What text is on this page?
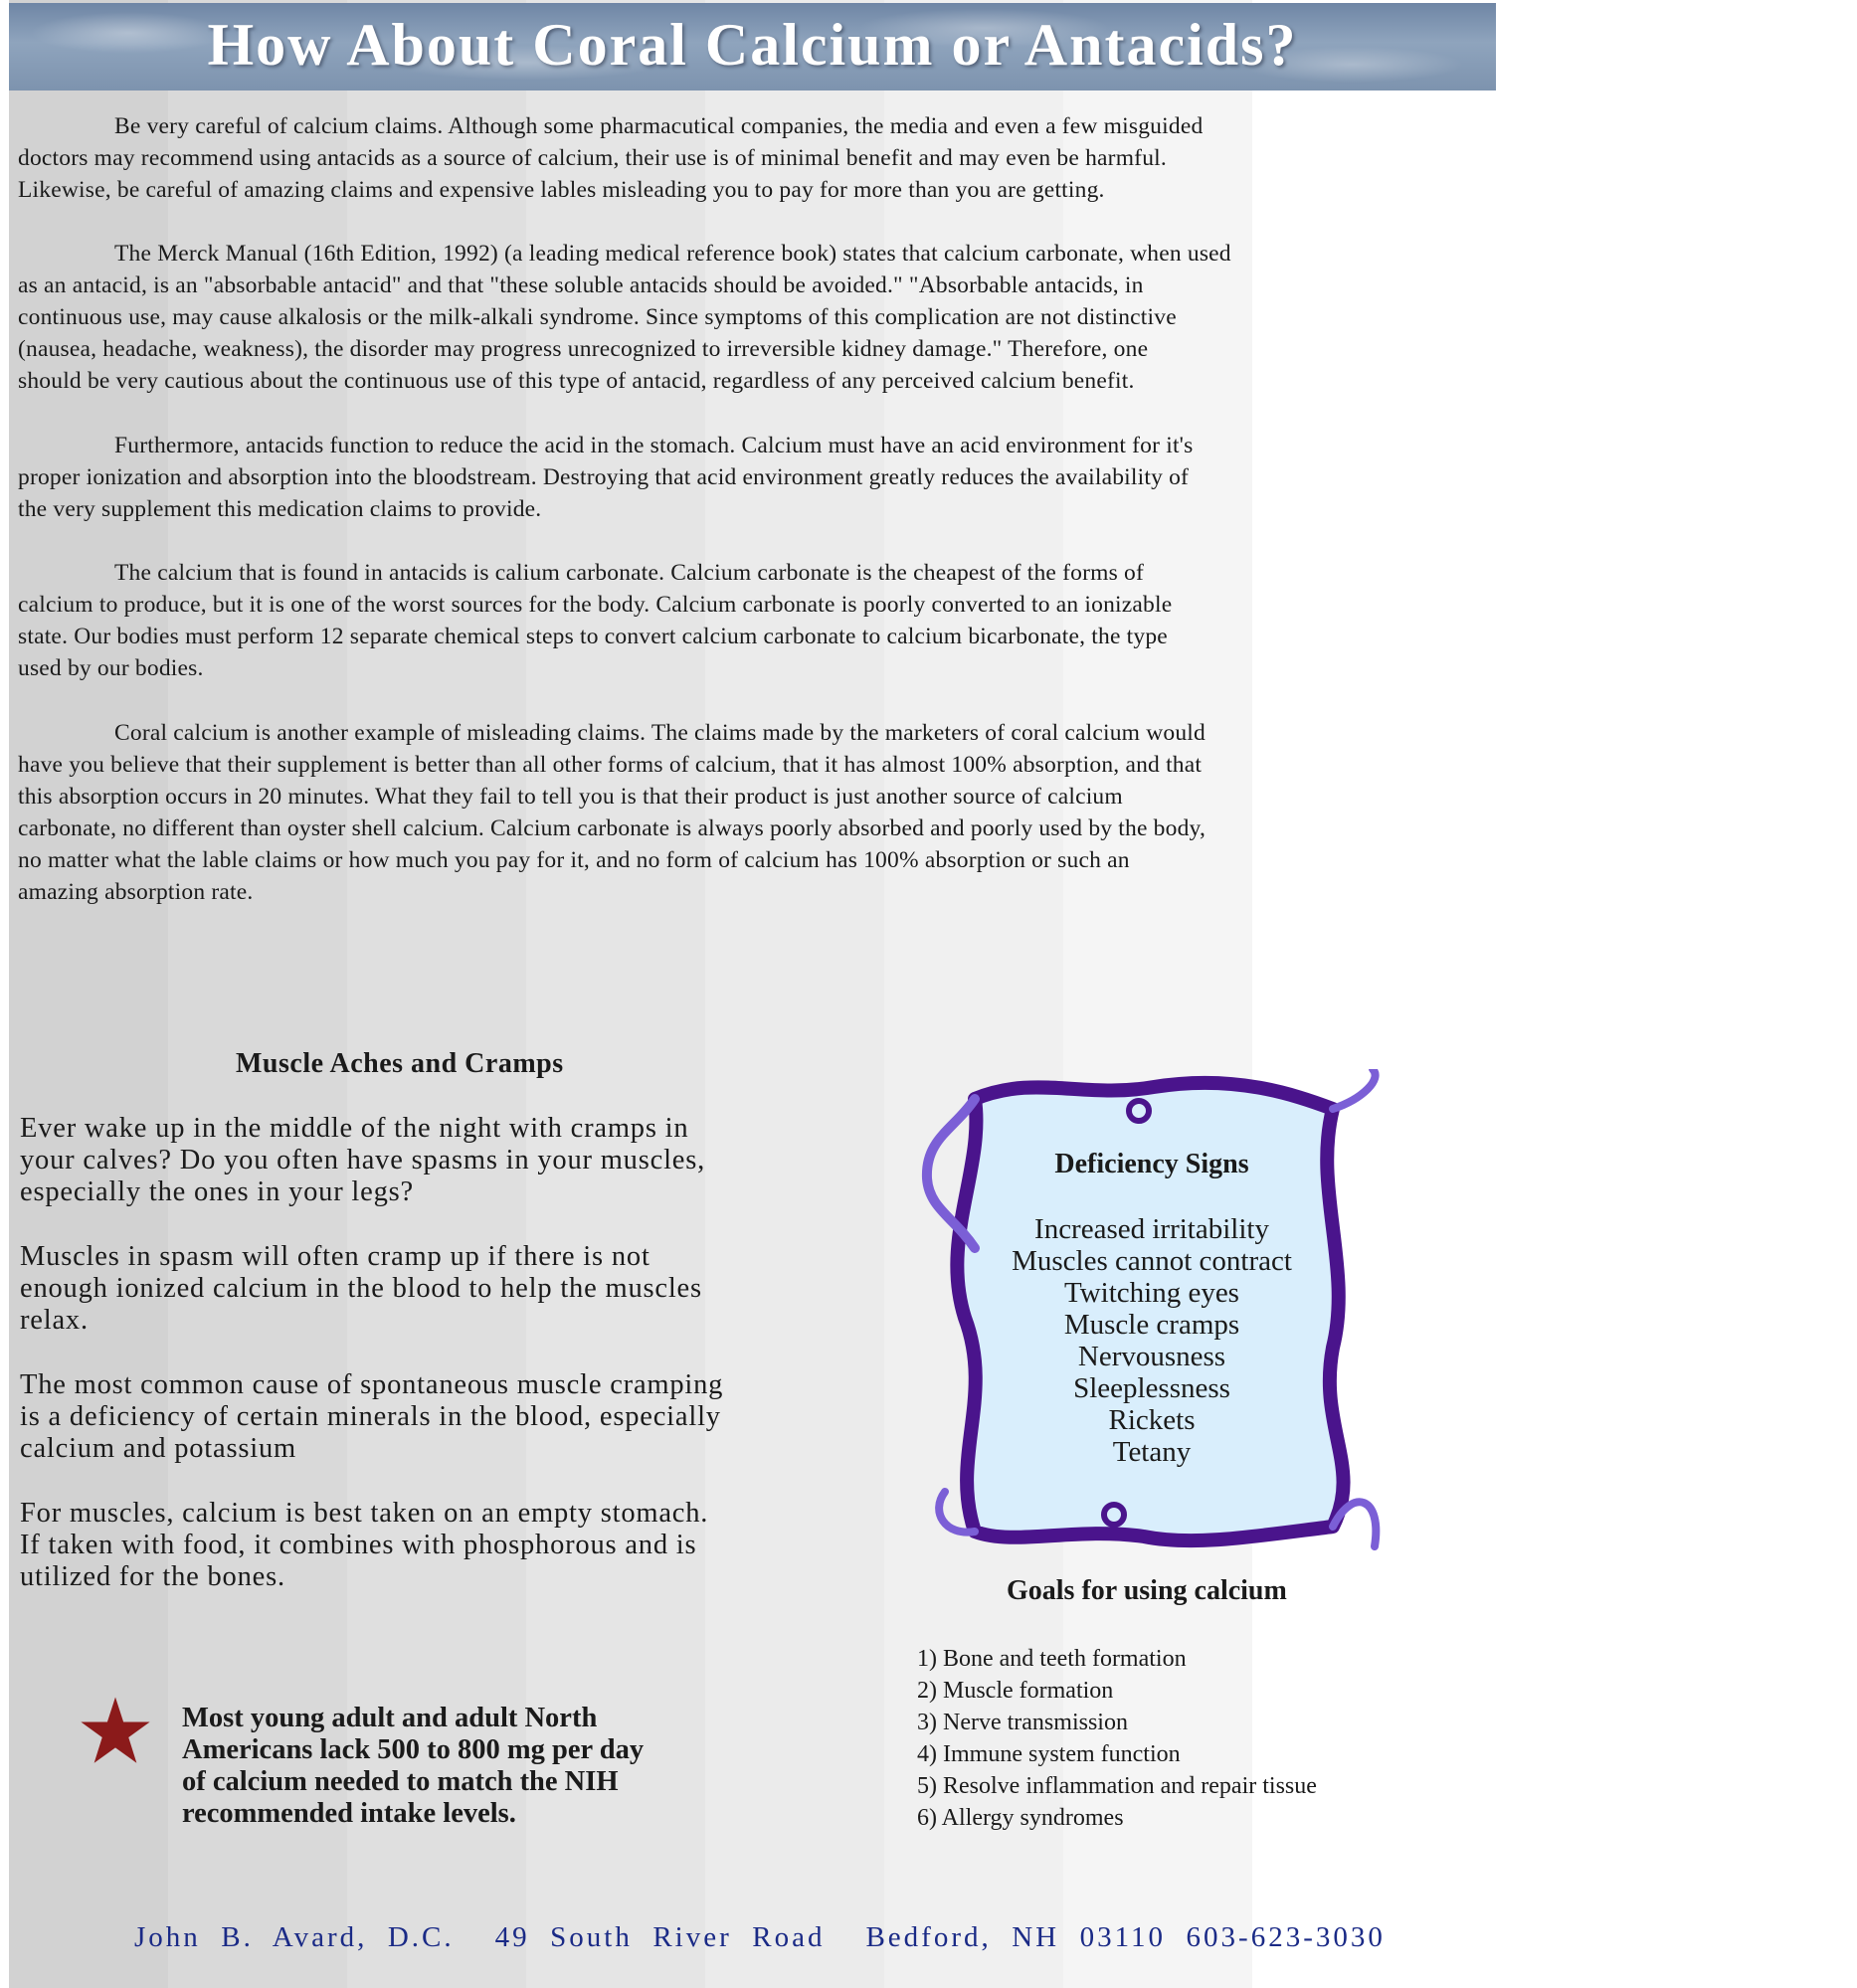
How About Coral Calcium or Antacids?

Be very careful of calcium claims. Although some pharmacutical companies, the media and even a few misguided
doctors may recommend using antacids as a source of calcium, their use is of minimal benefit and may even be harmful.
Likewise, be careful of amazing claims and expensive lables misleading you to pay for more than you are getting.

The Merck Manual (16th Edition, 1992) (a leading medical reference book) states that calcium carbonate, when used
as an antacid, is an "absorbable antacid" and that "these soluble antacids should be avoided." "Absorbable antacids, in
continuous use, may cause alkalosis or the milk-alkali syndrome. Since symptoms of this complication are not distinctive
(nausea, headache, weakness), the disorder may progress unrecognized to irreversible kidney damage." Therefore, one
should be very cautious about the continuous use of this type of antacid, regardless of any perceived calcium benefit.

Furthermore, antacids function to reduce the acid in the stomach. Calcium must have an acid environment for it's
proper ionization and absorption into the bloodstream. Destroying that acid environment greatly reduces the availability of
the very supplement this medication claims to provide.

The calcium that is found in antacids is calium carbonate. Calcium carbonate is the cheapest of the forms of
calcium to produce, but it is one of the worst sources for the body. Calcium carbonate is poorly converted to an ionizable
state. Our bodies must perform 12 separate chemical steps to convert calcium carbonate to calcium bicarbonate, the type
used by our bodies.

Coral calcium is another example of misleading claims. The claims made by the marketers of coral calcium would
have you believe that their supplement is better than all other forms of calcium, that it has almost 100% absorption, and that
this absorption occurs in 20 minutes. What they fail to tell you is that their product is just another source of calcium
carbonate, no different than oyster shell calcium. Calcium carbonate is always poorly absorbed and poorly used by the body,
no matter what the lable claims or how much you pay for it, and no form of calcium has 100% absorption or such an
amazing absorption rate.

Muscle Aches and Cramps

Ever wake up in the middle of the night with cramps in
your calves? Do you often have spasms in your muscles,
especially the ones in your legs?

Muscles in spasm will often cramp up if there is not
enough ionized calcium in the blood to help the muscles
relax.

The most common cause of spontaneous muscle cramping
is a deficiency of certain minerals in the blood, especially
calcium and potassium

For muscles, calcium is best taken on an empty stomach.
If taken with food, it combines with phosphorous and is
utilized for the bones.

Most young adult and adult North
Americans lack 500 to 800 mg per day
of calcium needed to match the NIH
recommended intake levels.
Deficiency Signs
Increased irritability
Muscles cannot contract
Twitching eyes
Muscle cramps
Nervousness
Sleeplessness
Rickets
Tetany
Goals for using calcium
1) Bone and teeth formation
2) Muscle formation
3) Nerve transmission
4) Immune system function
5) Resolve inflammation and repair tissue
6) Allergy syndromes
John  B.  Avard,  D.C.    49  South  River  Road    Bedford,  NH  03110  603-623-3030
